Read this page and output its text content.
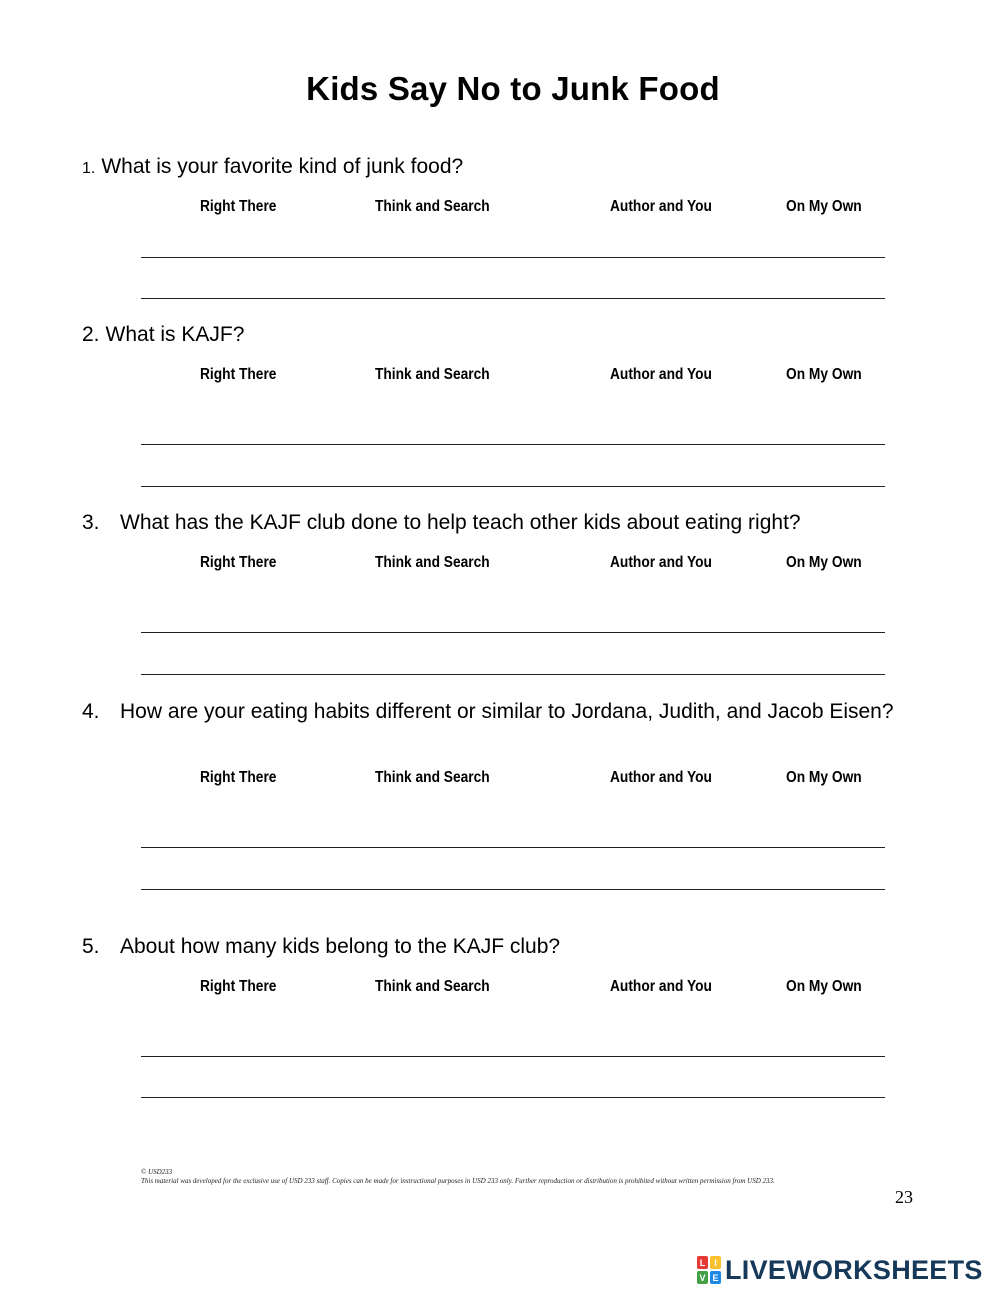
Kids Say No to Junk Food
1. What is your favorite kind of junk food?
Right There	Think and Search	Author and You	On My Own
2. What is KAJF?
Right There	Think and Search	Author and You	On My Own
3. What has the KAJF club done to help teach other kids about eating right?
Right There	Think and Search	Author and You	On My Own
4. How are your eating habits different or similar to Jordana, Judith, and Jacob Eisen?
Right There	Think and Search	Author and You	On My Own
5. About how many kids belong to the KAJF club?
Right There	Think and Search	Author and You	On My Own
© USD233
This material was developed for the exclusive use of USD 233 staff. Copies can be made for instructional purposes in USD 233 only. Further reproduction or distribution is prohibited without written permission from USD 233.
23
L I
V E LIVEWORKSHEETS
